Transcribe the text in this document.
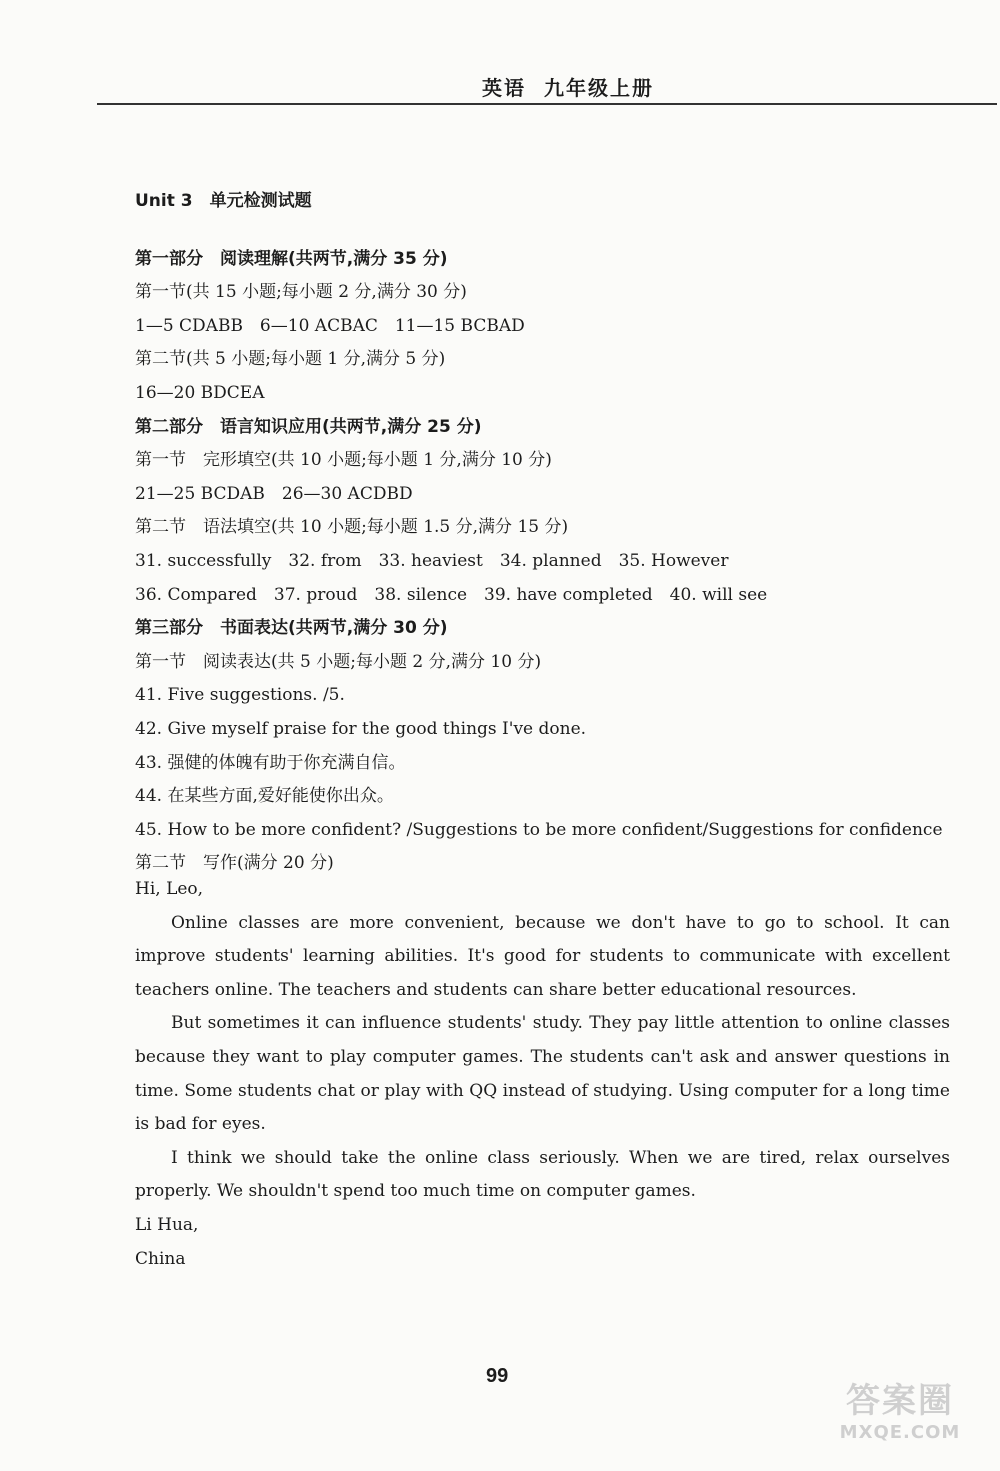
英语 九年级上册
Unit 3　单元检测试题
第一部分　阅读理解(共两节,满分 35 分)
第一节(共 15 小题;每小题 2 分,满分 30 分)
1—5 CDABB　6—10 ACBAC　11—15 BCBAD
第二节(共 5 小题;每小题 1 分,满分 5 分)
16—20 BDCEA
第二部分　语言知识应用(共两节,满分 25 分)
第一节　完形填空(共 10 小题;每小题 1 分,满分 10 分)
21—25 BCDAB　26—30 ACDBD
第二节　语法填空(共 10 小题;每小题 1.5 分,满分 15 分)
31. successfully　32. from　33. heaviest　34. planned　35. However
36. Compared　37. proud　38. silence　39. have completed　40. will see
第三部分　书面表达(共两节,满分 30 分)
第一节　阅读表达(共 5 小题;每小题 2 分,满分 10 分)
41. Five suggestions. /5.
42. Give myself praise for the good things I've done.
43. 强健的体魄有助于你充满自信。
44. 在某些方面,爱好能使你出众。
45. How to be more confident? /Suggestions to be more confident/Suggestions for confidence
第二节　写作(满分 20 分)

Hi, Leo,

Online classes are more convenient, because we don't have to go to school. It can improve students' learning abilities. It's good for students to communicate with excellent teachers online. The teachers and students can share better educational resources.

But sometimes it can influence students' study. They pay little attention to online classes because they want to play computer games. The students can't ask and answer questions in time. Some students chat or play with QQ instead of studying. Using computer for a long time is bad for eyes.

I think we should take the online class seriously. When we are tired, relax ourselves properly. We shouldn't spend too much time on computer games.

Li Hua,

China

99
答案圈
MXQE.COM
